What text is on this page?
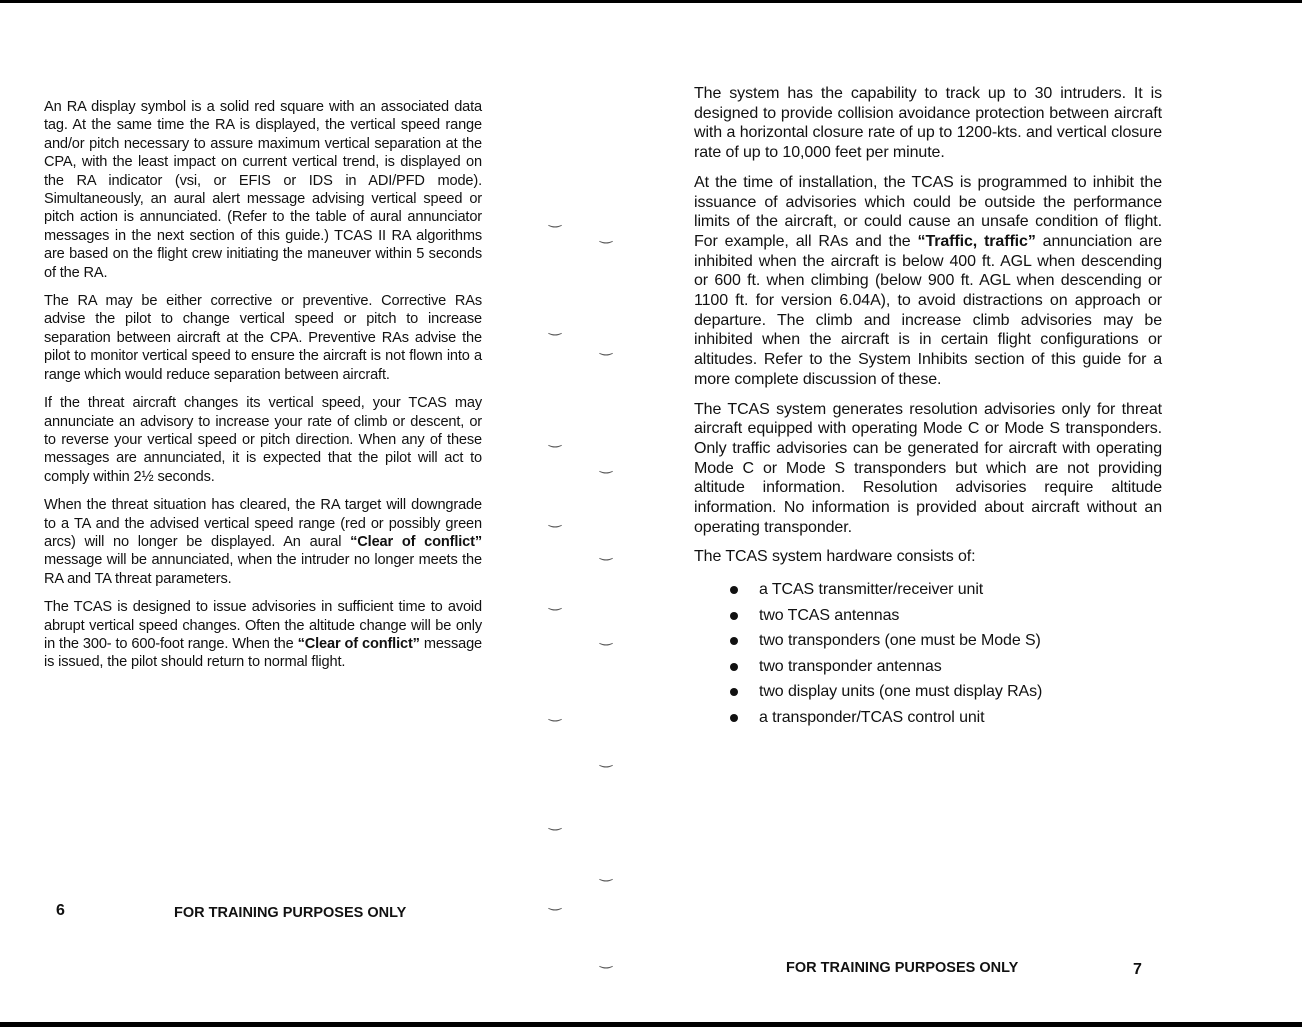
An RA display symbol is a solid red square with an associated data tag. At the same time the RA is displayed, the vertical speed range and/or pitch necessary to assure maximum vertical separation at the CPA, with the least impact on current vertical trend, is displayed on the RA indicator (vsi, or EFIS or IDS in ADI/PFD mode). Simultaneously, an aural alert message advising vertical speed or pitch action is annunciated. (Refer to the table of aural annunciator messages in the next section of this guide.) TCAS II RA algorithms are based on the flight crew initiating the maneuver within 5 seconds of the RA.

The RA may be either corrective or preventive. Corrective RAs advise the pilot to change vertical speed or pitch to increase separation between aircraft at the CPA. Preventive RAs advise the pilot to monitor vertical speed to ensure the aircraft is not flown into a range which would reduce separation between aircraft.

If the threat aircraft changes its vertical speed, your TCAS may annunciate an advisory to increase your rate of climb or descent, or to reverse your vertical speed or pitch direction. When any of these messages are annunciated, it is expected that the pilot will act to comply within 2½ seconds.

When the threat situation has cleared, the RA target will downgrade to a TA and the advised vertical speed range (red or possibly green arcs) will no longer be displayed. An aural “Clear of conflict” message will be annunciated, when the intruder no longer meets the RA and TA threat parameters.

The TCAS is designed to issue advisories in sufficient time to avoid abrupt vertical speed changes. Often the altitude change will be only in the 300- to 600-foot range. When the “Clear of conflict” message is issued, the pilot should return to normal flight.

The system has the capability to track up to 30 intruders. It is designed to provide collision avoidance protection between aircraft with a horizontal closure rate of up to 1200-kts. and vertical closure rate of up to 10,000 feet per minute.

At the time of installation, the TCAS is programmed to inhibit the issuance of advisories which could be outside the performance limits of the aircraft, or could cause an unsafe condition of flight. For example, all RAs and the “Traffic, traffic” annunciation are inhibited when the aircraft is below 400 ft. AGL when descending or 600 ft. when climbing (below 900 ft. AGL when descending or 1100 ft. for version 6.04A), to avoid distractions on approach or departure. The climb and increase climb advisories may be inhibited when the aircraft is in certain flight configurations or altitudes. Refer to the System Inhibits section of this guide for a more complete discussion of these.

The TCAS system generates resolution advisories only for threat aircraft equipped with operating Mode C or Mode S transponders. Only traffic advisories can be generated for aircraft with operating Mode C or Mode S transponders but which are not providing altitude information. Resolution advisories require altitude information. No information is provided about aircraft without an operating transponder.

The TCAS system hardware consists of:

a TCAS transmitter/receiver unit
two TCAS antennas
two transponders (one must be Mode S)
two transponder antennas
two display units (one must display RAs)
a transponder/TCAS control unit
‿
‿
‿
‿
‿
‿
‿
‿
‿
‿
‿
‿
‿
‿
‿
‿
6	FOR TRAINING PURPOSES ONLY
FOR TRAINING PURPOSES ONLY	7
